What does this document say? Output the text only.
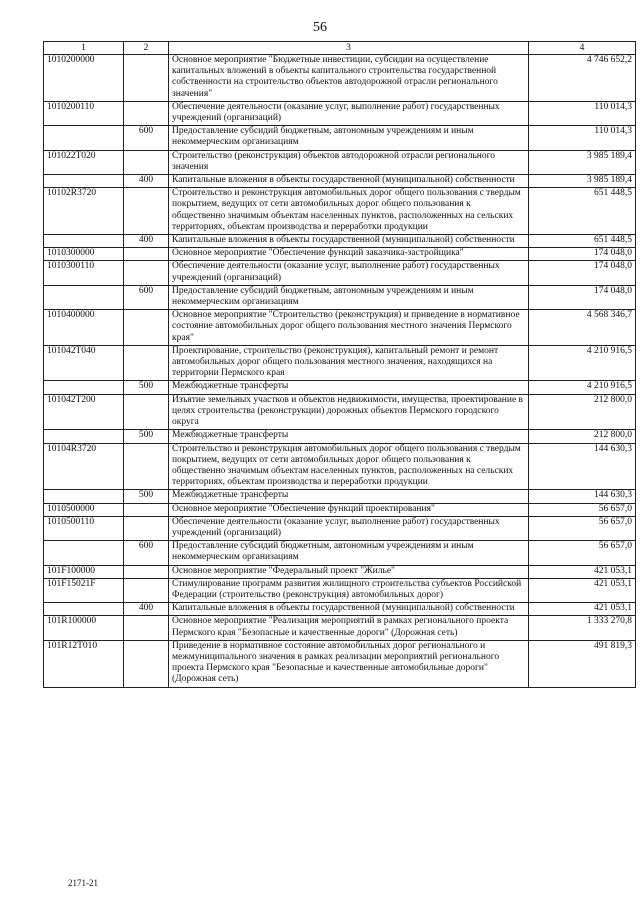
56
1	2	3	4
1010200000		Основное мероприятие "Бюджетные инвестиции, субсидии на осуществление капитальных вложений в объекты капитального строительства государственной собственности на строительство объектов автодорожной отрасли регионального значения"	4 746 652,2
1010200110		Обеспечение деятельности (оказание услуг, выполнение работ) государственных учреждений (организаций)	110 014,3
	600	Предоставление субсидий бюджетным, автономным учреждениям и иным некоммерческим организациям	110 014,3
101022Т020		Строительство (реконструкция) объектов автодорожной отрасли регионального значения	3 985 189,4
	400	Капитальные вложения в объекты государственной (муниципальной) собственности	3 985 189,4
10102R3720		Строительство и реконструкция автомобильных дорог общего пользования с твердым покрытием, ведущих от сети автомобильных дорог общего пользования к общественно значимым объектам населенных пунктов, расположенных на сельских территориях, объектам производства и переработки продукции	651 448,5
	400	Капитальные вложения в объекты государственной (муниципальной) собственности	651 448,5
1010300000		Основное мероприятие "Обеспечение функций заказчика-застройщика"	174 048,0
1010300110		Обеспечение деятельности (оказание услуг, выполнение работ) государственных учреждений (организаций)	174 048,0
	600	Предоставление субсидий бюджетным, автономным учреждениям и иным некоммерческим организациям	174 048,0
1010400000		Основное мероприятие "Строительство (реконструкция) и приведение в нормативное состояние автомобильных дорог общего пользования местного значения Пермского края"	4 568 346,7
101042Т040		Проектирование, строительство (реконструкция), капитальный ремонт и ремонт автомобильных дорог общего пользования местного значения, находящихся на территории Пермского края	4 210 916,5
	500	Межбюджетные трансферты	4 210 916,5
101042Т200		Изъятие земельных участков и объектов недвижимости, имущества, проектирование в целях строительства (реконструкции) дорожных объектов Пермского городского округа	212 800,0
	500	Межбюджетные трансферты	212 800,0
10104R3720		Строительство и реконструкция автомобильных дорог общего пользования с твердым покрытием, ведущих от сети автомобильных дорог общего пользования к общественно значимым объектам населенных пунктов, расположенных на сельских территориях, объектам производства и переработки продукции	144 630,3
	500	Межбюджетные трансферты	144 630,3
1010500000		Основное мероприятие "Обеспечение функций проектирования"	56 657,0
1010500110		Обеспечение деятельности (оказание услуг, выполнение работ) государственных учреждений (организаций)	56 657,0
	600	Предоставление субсидий бюджетным, автономным учреждениям и иным некоммерческим организациям	56 657,0
101F100000		Основное мероприятие "Федеральный проект "Жилье"	421 053,1
101F15021F		Стимулирование программ развития жилищного строительства субъектов Российской Федерации (строительство (реконструкция) автомобильных дорог)	421 053,1
	400	Капитальные вложения в объекты государственной (муниципальной) собственности	421 053,1
101R100000		Основное мероприятие "Реализация мероприятий в рамках регионального проекта Пермского края "Безопасные и качественные дороги" (Дорожная сеть)	1 333 270,8
101R12Т010		Приведение в нормативное состояние автомобильных дорог регионального и межмуниципального значения в рамках реализации мероприятий регионального проекта Пермского края "Безопасные и качественные автомобильные дороги" (Дорожная сеть)	491 819,3
2171-21
